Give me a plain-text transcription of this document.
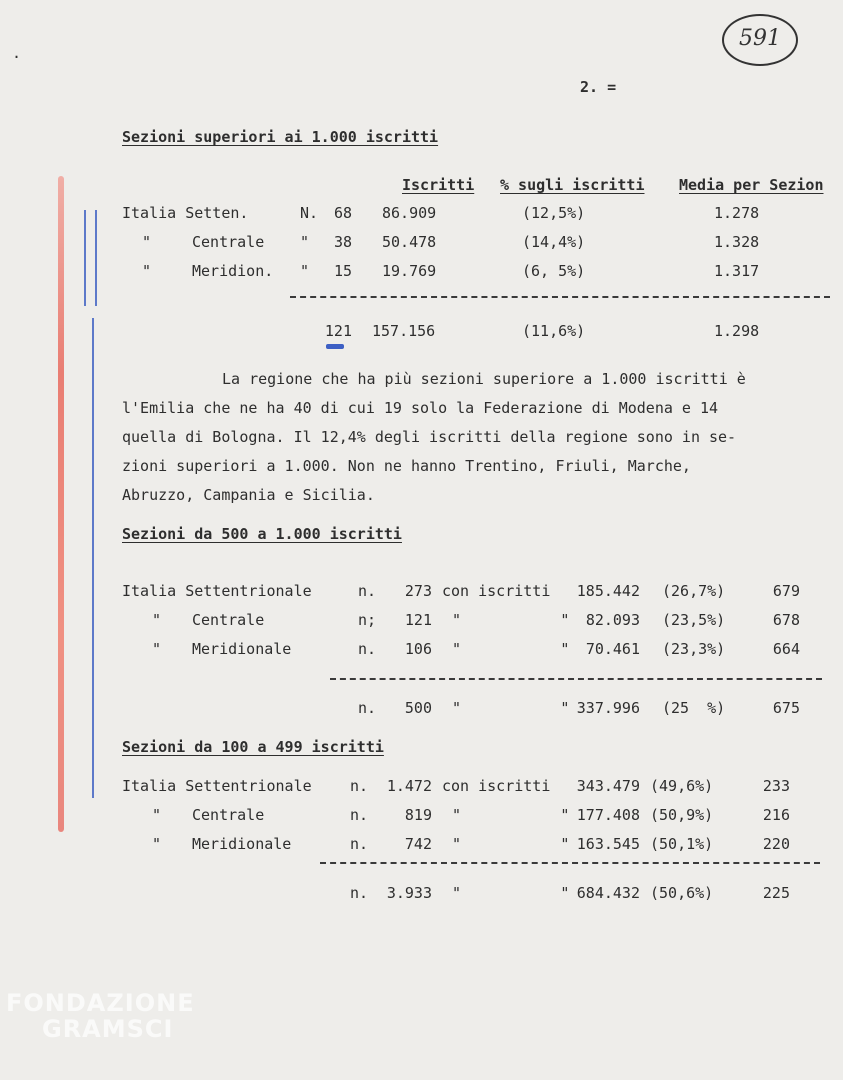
591
·
2. =
Sezioni superiori ai 1.000 iscritti
Iscritti % sugli iscritti Media per Sezion
Italia Setten.	N.	68 86.909	(12,5%)	1.278
"	Centrale "	38 50.478	(14,4%)	1.328
"	Meridion. "	15 19.769	(6, 5%)	1.317
121 157.156	(11,6%)	1.298
La regione che ha più sezioni superiore a 1.000 iscritti è
l'Emilia che ne ha 40 di cui 19 solo la Federazione di Modena e 14
quella di Bologna. Il 12,4% degli iscritti della regione sono in se-
zioni superiori a 1.000. Non ne hanno Trentino, Friuli, Marche,
Abruzzo, Campania e Sicilia.
Sezioni da 500 a 1.000 iscritti
Italia Settentrionale	n.	273 con iscritti	185.442 (26,7%)	679
" Centrale	n;	121 "           "	82.093 (23,5%)	678
" Meridionale	n.	106 "           "	70.461 (23,3%)	664
n.	500 "           " 337.996 (25  %)	675
Sezioni da 100 a 499 iscritti
Italia Settentrionale	n.	1.472 con iscritti	343.479 (49,6%)	233
" Centrale	n.	819 "           " 177.408 (50,9%)	216
" Meridionale	n.	742 "           " 163.545 (50,1%)	220
n.	3.933 "           " 684.432 (50,6%)	225
FONDAZIONE
GRAMSCI
